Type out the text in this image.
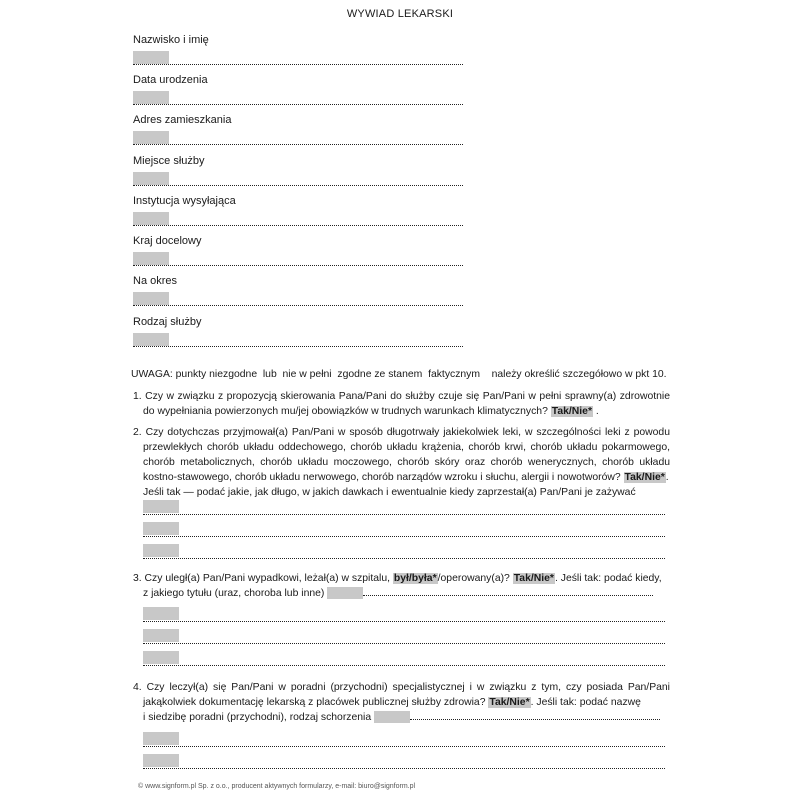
WYWIAD LEKARSKI
Nazwisko i imię
Data urodzenia
Adres zamieszkania
Miejsce służby
Instytucja wysyłająca
Kraj docelowy
Na okres
Rodzaj służby
UWAGA: punkty niezgodne  lub  nie w pełni  zgodne ze stanem  faktycznym    należy określić szczegółowo w pkt 10.
1. Czy w związku z propozycją skierowania Pana/Pani do służby czuje się Pan/Pani w pełni sprawny(a) zdrowotnie
do wypełniania powierzonych mu/jej obowiązków w trudnych warunkach klimatycznych? Tak/Nie* .
2. Czy dotychczas przyjmował(a) Pan/Pani w sposób długotrwały jakiekolwiek leki, w szczególności leki z powodu
przewlekłych chorób układu oddechowego, chorób układu krążenia, chorób krwi, chorób układu pokarmowego,
chorób metabolicznych, chorób układu moczowego, chorób skóry oraz chorób wenerycznych, chorób układu
kostno-stawowego, chorób układu nerwowego, chorób narządów wzroku i słuchu, alergii i nowotworów? Tak/Nie*.
Jeśli tak — podać jakie, jak długo, w jakich dawkach i ewentualnie kiedy zaprzestał(a) Pan/Pani je zażywać
3. Czy uległ(a) Pan/Pani wypadkowi, leżał(a) w szpitalu, był/była*/operowany(a)? Tak/Nie*. Jeśli tak: podać kiedy,
z jakiego tytułu (uraz, choroba lub inne)
4. Czy leczył(a) się Pan/Pani w poradni (przychodni) specjalistycznej i w związku z tym, czy posiada Pan/Pani
jakąkolwiek dokumentację lekarską z placówek publicznej służby zdrowia? Tak/Nie*. Jeśli tak: podać nazwę
i siedzibę poradni (przychodni), rodzaj schorzenia
© www.signform.pl Sp. z o.o., producent aktywnych formularzy, e-mail: biuro@signform.pl
